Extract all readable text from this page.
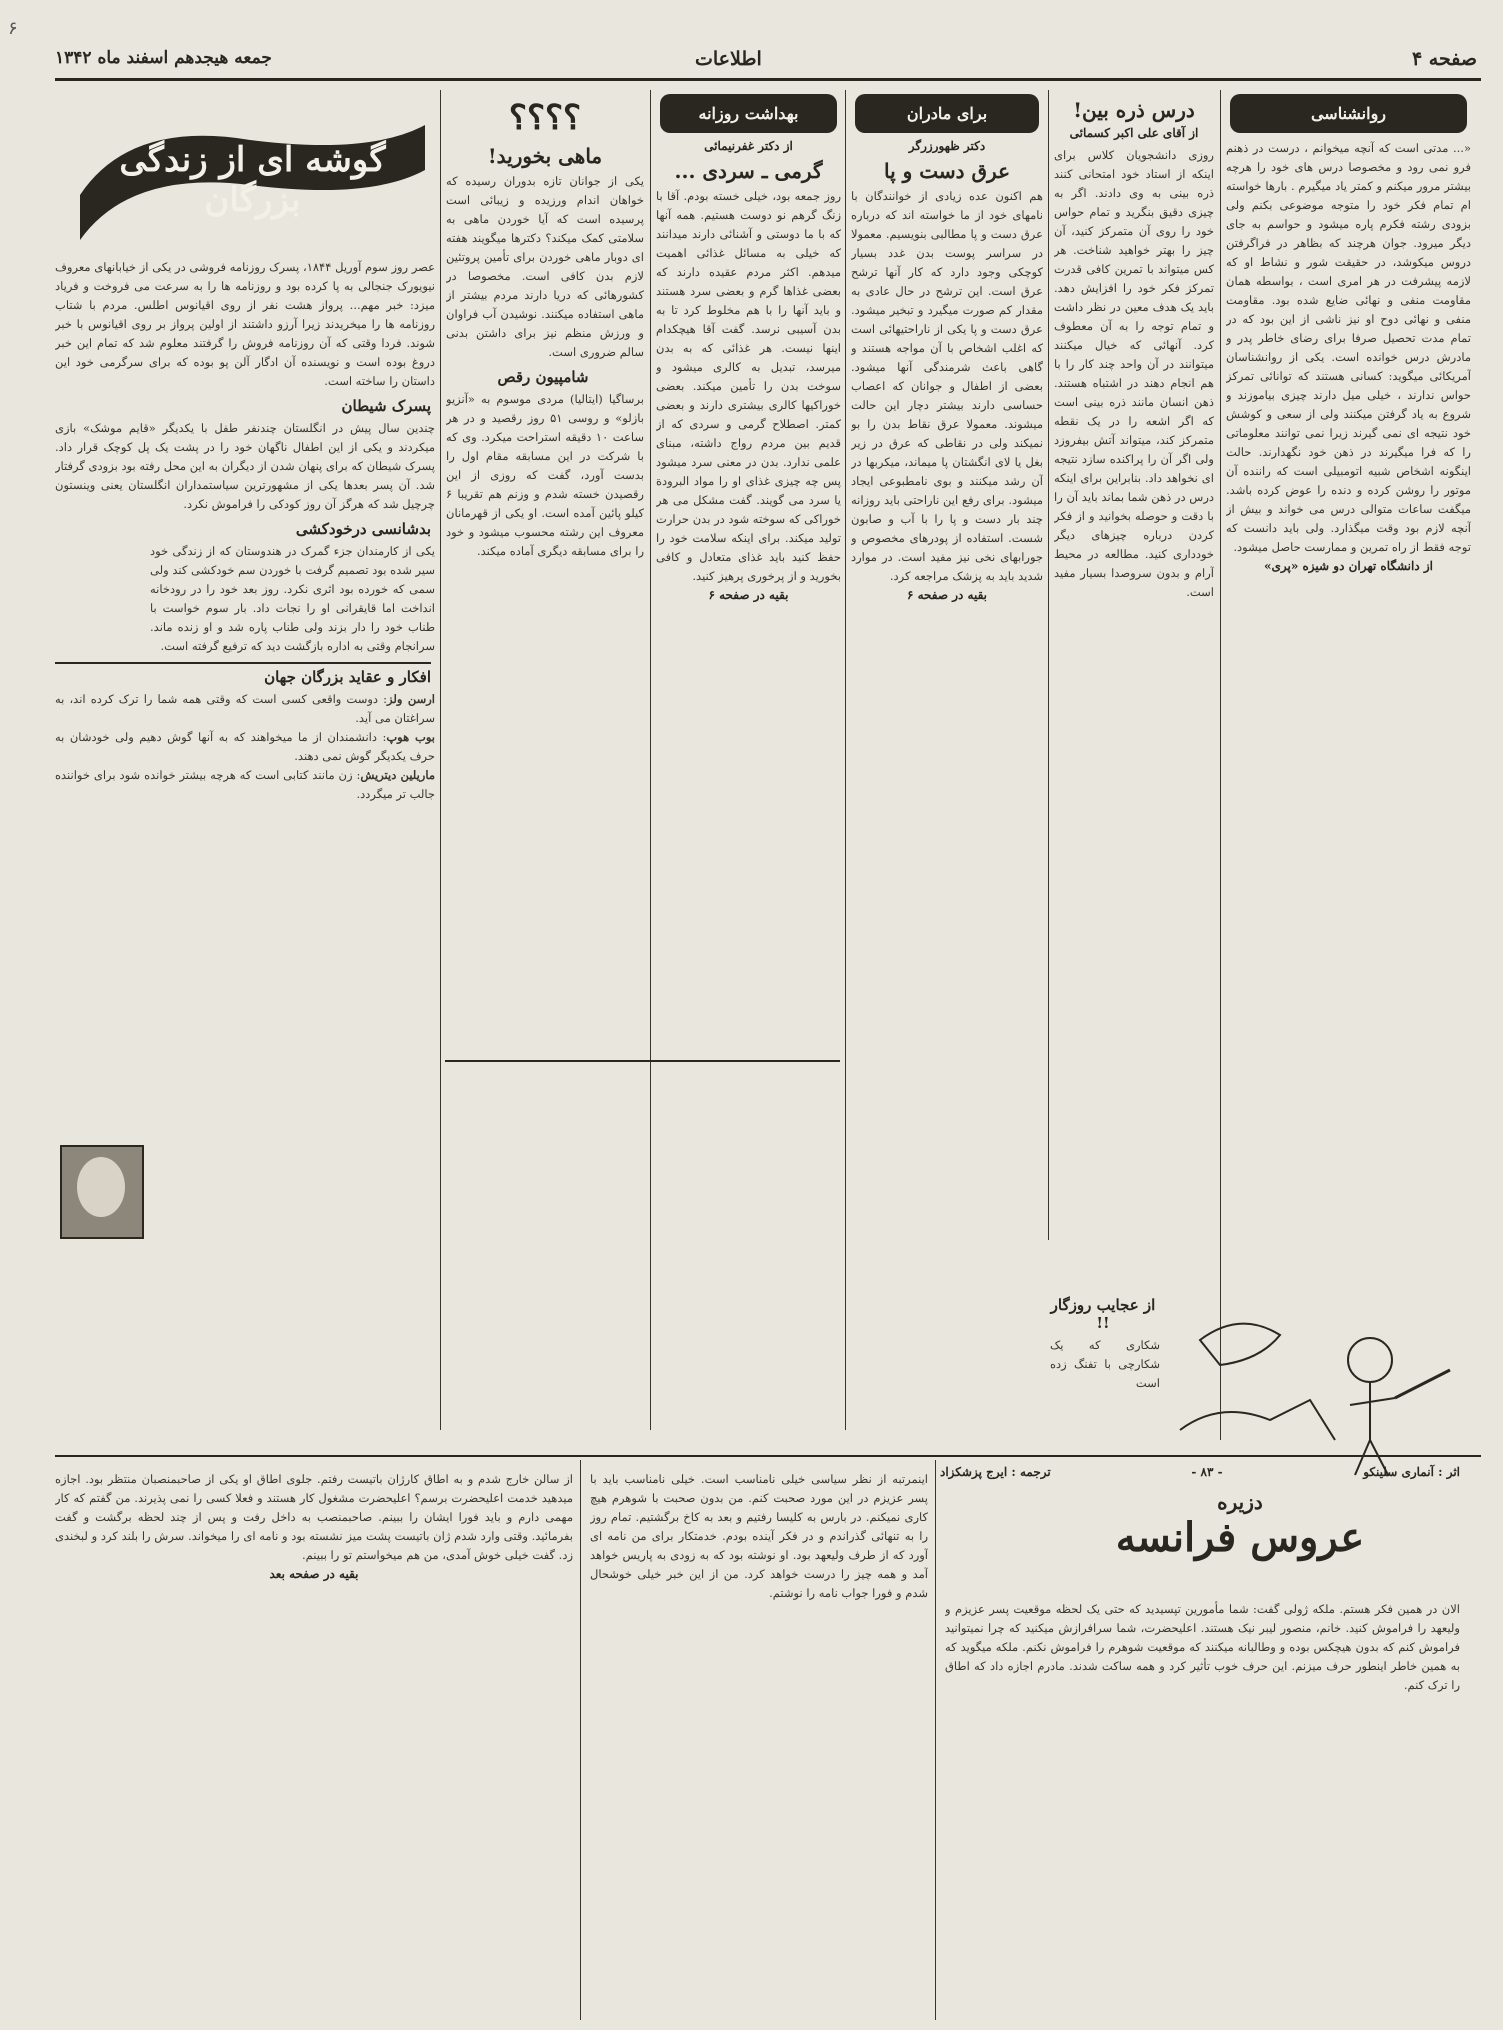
۶
صفحه ۴
اطلاعات
جمعه هیجدهم اسفند ماه ۱۳۴۲
روانشناسی
«... مدتی است که آنچه میخوانم ، درست در ذهنم فرو نمی رود و مخصوصا درس های خود را هرچه بیشتر مرور میکنم و کمتر یاد میگیرم . بارها خواسته ام تمام فکر خود را متوجه موضوعی بکنم ولی بزودی رشته فکرم پاره میشود و حواسم به جای دیگر میرود. جوان هرچند که بظاهر در فراگرفتن دروس میکوشد، در حقیقت شور و نشاط او که لازمه پیشرفت در هر امری است ، بواسطه همان مقاومت منفی و نهائی ضایع شده بود. مقاومت منفی و نهائی دوح او نیز ناشی از این بود که در تمام مدت تحصیل صرفا برای رضای خاطر پدر و مادرش درس خوانده است. یکی از روانشناسان آمریکائی میگوید: کسانی هستند که توانائی تمرکز حواس ندارند ، خیلی میل دارند چیزی بیاموزند و شروع به یاد گرفتن میکنند ولی از سعی و کوشش خود نتیجه ای نمی گیرند زیرا نمی توانند معلوماتی را که فرا میگیرند در ذهن خود نگهدارند. حالت اینگونه اشخاص شبیه اتومبیلی است که راننده آن موتور را روشن کرده و دنده را عوض کرده باشد. میگفت ساعات متوالی درس می خواند و بیش از آنچه لازم بود وقت میگذارد. ولی باید دانست که توجه فقط از راه تمرین و ممارست حاصل میشود.
از دانشگاه تهران دو شیزه «پری»
درس ذره بین!
از آقای علی اکبر کسمائی
روزی دانشجویان کلاس برای اینکه از استاد خود امتحانی کنند ذره بینی به وی دادند. اگر به چیزی دقیق بنگرید و تمام حواس خود را روی آن متمرکز کنید، آن چیز را بهتر خواهید شناخت. هر کس میتواند با تمرین کافی قدرت تمرکز فکر خود را افزایش دهد. باید یک هدف معین در نظر داشت و تمام توجه را به آن معطوف کرد. آنهائی که خیال میکنند میتوانند در آن واحد چند کار را با هم انجام دهند در اشتباه هستند. ذهن انسان مانند ذره بینی است که اگر اشعه را در یک نقطه متمرکز کند، میتواند آتش بیفروزد ولی اگر آن را پراکنده سازد نتیجه ای نخواهد داد. بنابراین برای اینکه درس در ذهن شما بماند باید آن را با دقت و حوصله بخوانید و از فکر کردن درباره چیزهای دیگر خودداری کنید. مطالعه در محیط آرام و بدون سروصدا بسیار مفید است.
برای مادران
دکتر ظهورزرگر
عرق دست و پا
هم اکنون عده زیادی از خوانندگان با نامهای خود از ما خواسته اند که درباره عرق دست و پا مطالبی بنویسیم. معمولا در سراسر پوست بدن غدد بسیار کوچکی وجود دارد که کار آنها ترشح عرق است. این ترشح در حال عادی به مقدار کم صورت میگیرد و تبخیر میشود. عرق دست و پا یکی از ناراحتیهائی است که اغلب اشخاص با آن مواجه هستند و گاهی باعث شرمندگی آنها میشود. بعضی از اطفال و جوانان که اعصاب حساسی دارند بیشتر دچار این حالت میشوند. معمولا عرق نقاط بدن را بو نمیکند ولی در نقاطی که عرق در زیر بغل یا لای انگشتان پا میماند، میکربها در آن رشد میکنند و بوی نامطبوعی ایجاد میشود. برای رفع این ناراحتی باید روزانه چند بار دست و پا را با آب و صابون شست. استفاده از پودرهای مخصوص و جورابهای نخی نیز مفید است. در موارد شدید باید به پزشک مراجعه کرد.
بقیه در صفحه ۶
بهداشت روزانه
از دکتر غفرنیمائی
گرمی ـ سردی ...
روز جمعه بود، خیلی خسته بودم. آقا با زنگ گرهم نو دوست هستیم. همه آنها که با ما دوستی و آشنائی دارند میدانند که خیلی به مسائل غذائی اهمیت میدهم. اکثر مردم عقیده دارند که بعضی غذاها گرم و بعضی سرد هستند و باید آنها را با هم مخلوط کرد تا به بدن آسیبی نرسد. گفت آقا هیچکدام اینها نیست. هر غذائی که به بدن میرسد، تبدیل به کالری میشود و سوخت بدن را تأمین میکند. بعضی خوراکیها کالری بیشتری دارند و بعضی کمتر. اصطلاح گرمی و سردی که از قدیم بین مردم رواج داشته، مبنای علمی ندارد. بدن در معنی سرد میشود پس چه چیزی غذای او را مواد البرودة یا سرد می گویند. گفت مشکل می هر خوراکی که سوخته شود در بدن حرارت تولید میکند. برای اینکه سلامت خود را حفظ کنید باید غذای متعادل و کافی بخورید و از پرخوری پرهیز کنید.
بقیه در صفحه ۶
؟؟؟؟
ماهی بخورید!
یکی از جوانان تازه بدوران رسیده که خواهان اندام ورزیده و زیبائی است پرسیده است که آیا خوردن ماهی به سلامتی کمک میکند؟ دکترها میگویند هفته ای دوبار ماهی خوردن برای تأمین پروتئین لازم بدن کافی است. مخصوصا در کشورهائی که دریا دارند مردم بیشتر از ماهی استفاده میکنند. نوشیدن آب فراوان و ورزش منظم نیز برای داشتن بدنی سالم ضروری است.
شامپیون رقص
برساگیا (ایتالیا) مردی موسوم به «آنزیو بازلو» و روسی ۵۱ روز رقصید و در هر ساعت ۱۰ دقیقه استراحت میکرد. وی که با شرکت در این مسابقه مقام اول را بدست آورد، گفت که روزی از این رقصیدن خسته شدم و وزنم هم تقریبا ۶ کیلو پائین آمده است. او یکی از قهرمانان معروف این رشته محسوب میشود و خود را برای مسابقه دیگری آماده میکند.
گوشه ای از زندگی بزرگان
عصر روز سوم آوریل ۱۸۴۴، پسرک روزنامه فروشی در یکی از خیابانهای معروف نیویورک جنجالی به پا کرده بود و روزنامه ها را به سرعت می فروخت و فریاد میزد: خبر مهم... پرواز هشت نفر از روی اقیانوس اطلس. مردم با شتاب روزنامه ها را میخریدند زیرا آرزو داشتند از اولین پرواز بر روی اقیانوس با خبر شوند. فردا وقتی که آن روزنامه فروش را گرفتند معلوم شد که تمام این خبر دروغ بوده است و نویسنده آن ادگار آلن پو بوده که برای سرگرمی خود این داستان را ساخته است.
پسرک شیطان
چندین سال پیش در انگلستان چندنفر طفل با یکدیگر «قایم موشک» بازی میکردند و یکی از این اطفال ناگهان خود را در پشت یک پل کوچک قرار داد. پسرک شیطان که برای پنهان شدن از دیگران به این محل رفته بود بزودی گرفتار شد. آن پسر بعدها یکی از مشهورترین سیاستمداران انگلستان یعنی وینستون چرچیل شد که هرگز آن روز کودکی را فراموش نکرد.
بدشانسی درخودکشی
یکی از کارمندان جزء گمرک در هندوستان که از زندگی خود سیر شده بود تصمیم گرفت با خوردن سم خودکشی کند ولی سمی که خورده بود اثری نکرد. روز بعد خود را در رودخانه انداخت اما قایقرانی او را نجات داد. بار سوم خواست با طناب خود را دار بزند ولی طناب پاره شد و او زنده ماند. سرانجام وقتی به اداره بازگشت دید که ترفیع گرفته است.
افکار و عقاید بزرگان جهان
ارسن ولز: دوست واقعی کسی است که وقتی همه شما را ترک کرده اند، به سراغتان می آید.
بوب هوپ: دانشمندان از ما میخواهند که به آنها گوش دهیم ولی خودشان به حرف یکدیگر گوش نمی دهند.
ماریلین دیتریش: زن مانند کتابی است که هرچه بیشتر خوانده شود برای خواننده جالب تر میگردد.
از عجایب روزگار !!
شکاری که یک شکارچی با تفنگ زده است
اثر : آنماری سلینکو
- ۸۳ -
ترجمه : ایرج پزشکزاد
دزیره
عروس فرانسه
الان در همین فکر هستم. ملکه ژولی گفت: شما مأمورین تپسیدید که حتی یک لحظه موقعیت پسر عزیزم و ولیعهد را فراموش کنید. خانم، منصور لیبر نیک هستند. اعلیحضرت، شما سرافرازش میکنید که چرا نمیتوانید فراموش کنم که بدون هیچکس بوده و وطالبانه میکنند که موقعیت شوهرم را فراموش نکنم. ملکه میگوید که به همین خاطر اینطور حرف میزنم. این حرف خوب تأثیر کرد و همه ساکت شدند. مادرم اجازه داد که اطاق را ترک کنم.
اینمرتبه از نظر سیاسی خیلی نامناسب است. خیلی نامناسب باید با پسر عزیزم در این مورد صحبت کنم. من بدون صحبت با شوهرم هیچ کاری نمیکنم. در بارس به کلیسا رفتیم و بعد به کاخ برگشتیم. تمام روز را به تنهائی گذراندم و در فکر آینده بودم. خدمتکار برای من نامه ای آورد که از طرف ولیعهد بود. او نوشته بود که به زودی به پاریس خواهد آمد و همه چیز را درست خواهد کرد. من از این خبر خیلی خوشحال شدم و فورا جواب نامه را نوشتم.
از سالن خارج شدم و به اطاق کارژان باتیست رفتم. جلوی اطاق او یکی از صاحبمنصبان منتظر بود. اجازه میدهید خدمت اعلیحضرت برسم؟ اعلیحضرت مشغول کار هستند و فعلا کسی را نمی پذیرند. من گفتم که کار مهمی دارم و باید فورا ایشان را ببینم. صاحبمنصب به داخل رفت و پس از چند لحظه برگشت و گفت بفرمائید. وقتی وارد شدم ژان باتیست پشت میز نشسته بود و نامه ای را میخواند. سرش را بلند کرد و لبخندی زد. گفت خیلی خوش آمدی، من هم میخواستم تو را ببینم.
بقیه در صفحه بعد
